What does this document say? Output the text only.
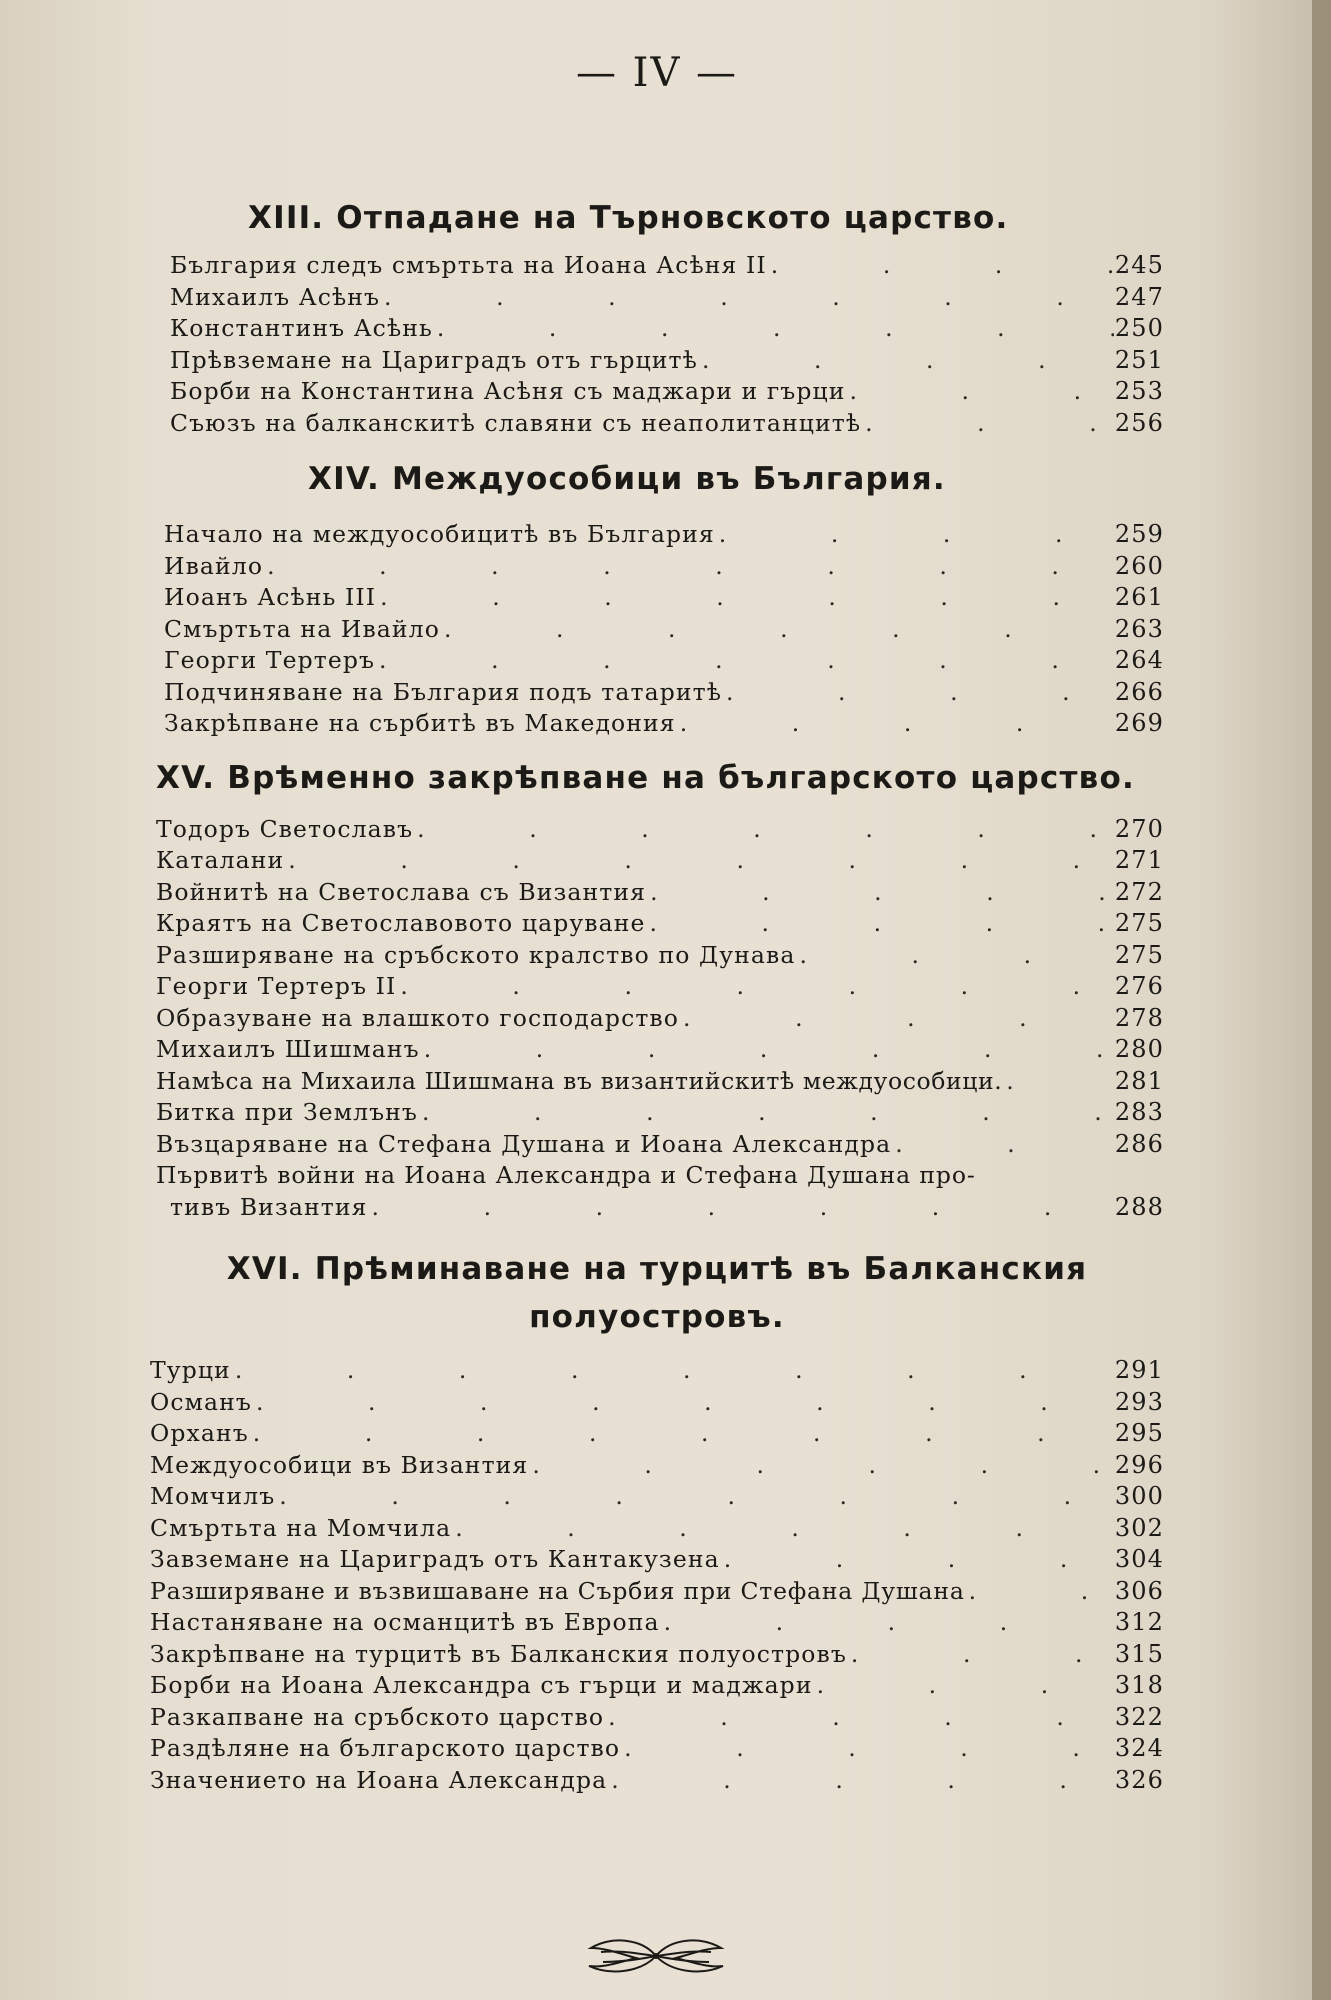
— IV —
XIII. Отпадане на Търновското царство.
България следъ смъртьта на Иоана Асѣня II .	245
Михаилъ Асѣнъ .	247
Константинъ Асѣнь .	250
Прѣвземане на Цариградъ отъ гърцитѣ .	251
Борби на Константина Асѣня съ маджари и гърци .	253
Съюзъ на балканскитѣ славяни съ неаполитанцитѣ .	256
XIV. Междуособици въ България.
Начало на междуособицитѣ въ България .	259
Ивайло .	260
Иоанъ Асѣнь III .	261
Смъртьта на Ивайло .	263
Георги Тертеръ .	264
Подчиняване на България подъ татаритѣ .	266
Закрѣпване на сърбитѣ въ Македония .	269
XV. Врѣменно закрѣпване на българското царство.
Тодоръ Светославъ .	270
Каталани .	271
Войнитѣ на Светослава съ Византия .	272
Краятъ на Светославовото царуване .	275
Разширяване на сръбското кралство по Дунава .	275
Георги Тертеръ II .	276
Образуване на влашкото господарство .	278
Михаилъ Шишманъ .	280
Намѣса на Михаила Шишмана въ византийскитѣ междуособици. .	281
Битка при Землънъ .	283
Възцаряване на Стефана Душана и Иоана Александра .	286
Първитѣ войни на Иоана Александра и Стефана Душана про-
тивъ Византия .	288
XVI. Прѣминаване на турцитѣ въ Балканския
полуостровъ.
Турци .	291
Османъ .	293
Орханъ .	295
Междуособици въ Византия .	296
Момчилъ .	300
Смъртьта на Момчила .	302
Завземане на Цариградъ отъ Кантакузена .	304
Разширяване и възвишаване на Сърбия при Стефана Душана .	306
Настаняване на османцитѣ въ Европа .	312
Закрѣпване на турцитѣ въ Балканския полуостровъ .	315
Борби на Иоана Александра съ гърци и маджари .	318
Разкапване на сръбското царство .	322
Раздѣляне на българското царство .	324
Значението на Иоана Александра .	326
